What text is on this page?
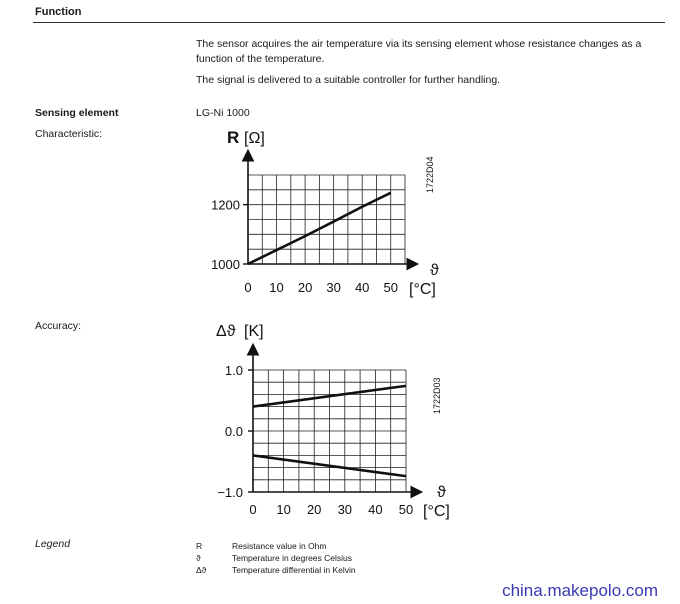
Function
The sensor acquires the air temperature via its sensing element whose resistance changes as a function of the temperature.
The signal is delivered to a suitable controller for further handling.
Sensing element	LG-Ni 1000
Characteristic:
Accuracy:
0 10 20 30 40 50
1000
1200
R [Ω]
ϑ
[°C]
1722D04
0 10 20 30 40 50
1.0
0.0
−1.0
Δϑ [K]
ϑ
[°C]
1722D03
Legend	R	Resistance value in Ohm
ϑ	Temperature in degrees Celsius
Δϑ	Temperature differential in Kelvin
china.makepolo.com
